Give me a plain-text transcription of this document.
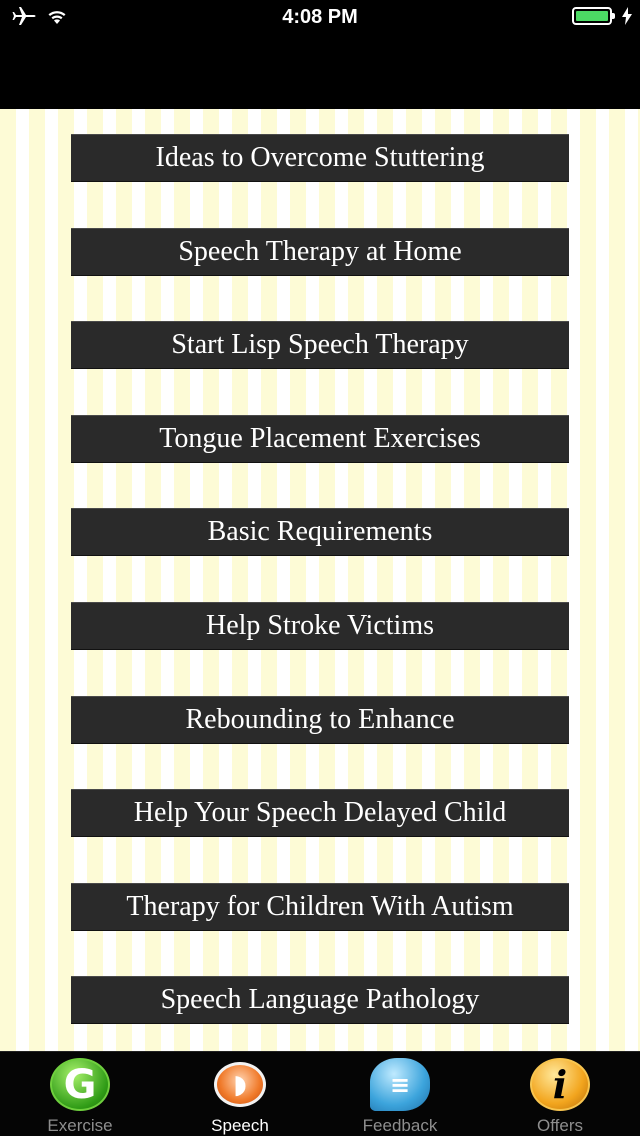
4:08 PM
Ideas to Overcome Stuttering
Speech Therapy at Home
Start Lisp Speech Therapy
Tongue Placement Exercises
Basic Requirements
Help Stroke Victims
Rebounding to Enhance
Help Your Speech Delayed Child
Therapy for Children With Autism
Speech Language Pathology
G
Exercise
◗
Speech
≡
Feedback
i
Offers
